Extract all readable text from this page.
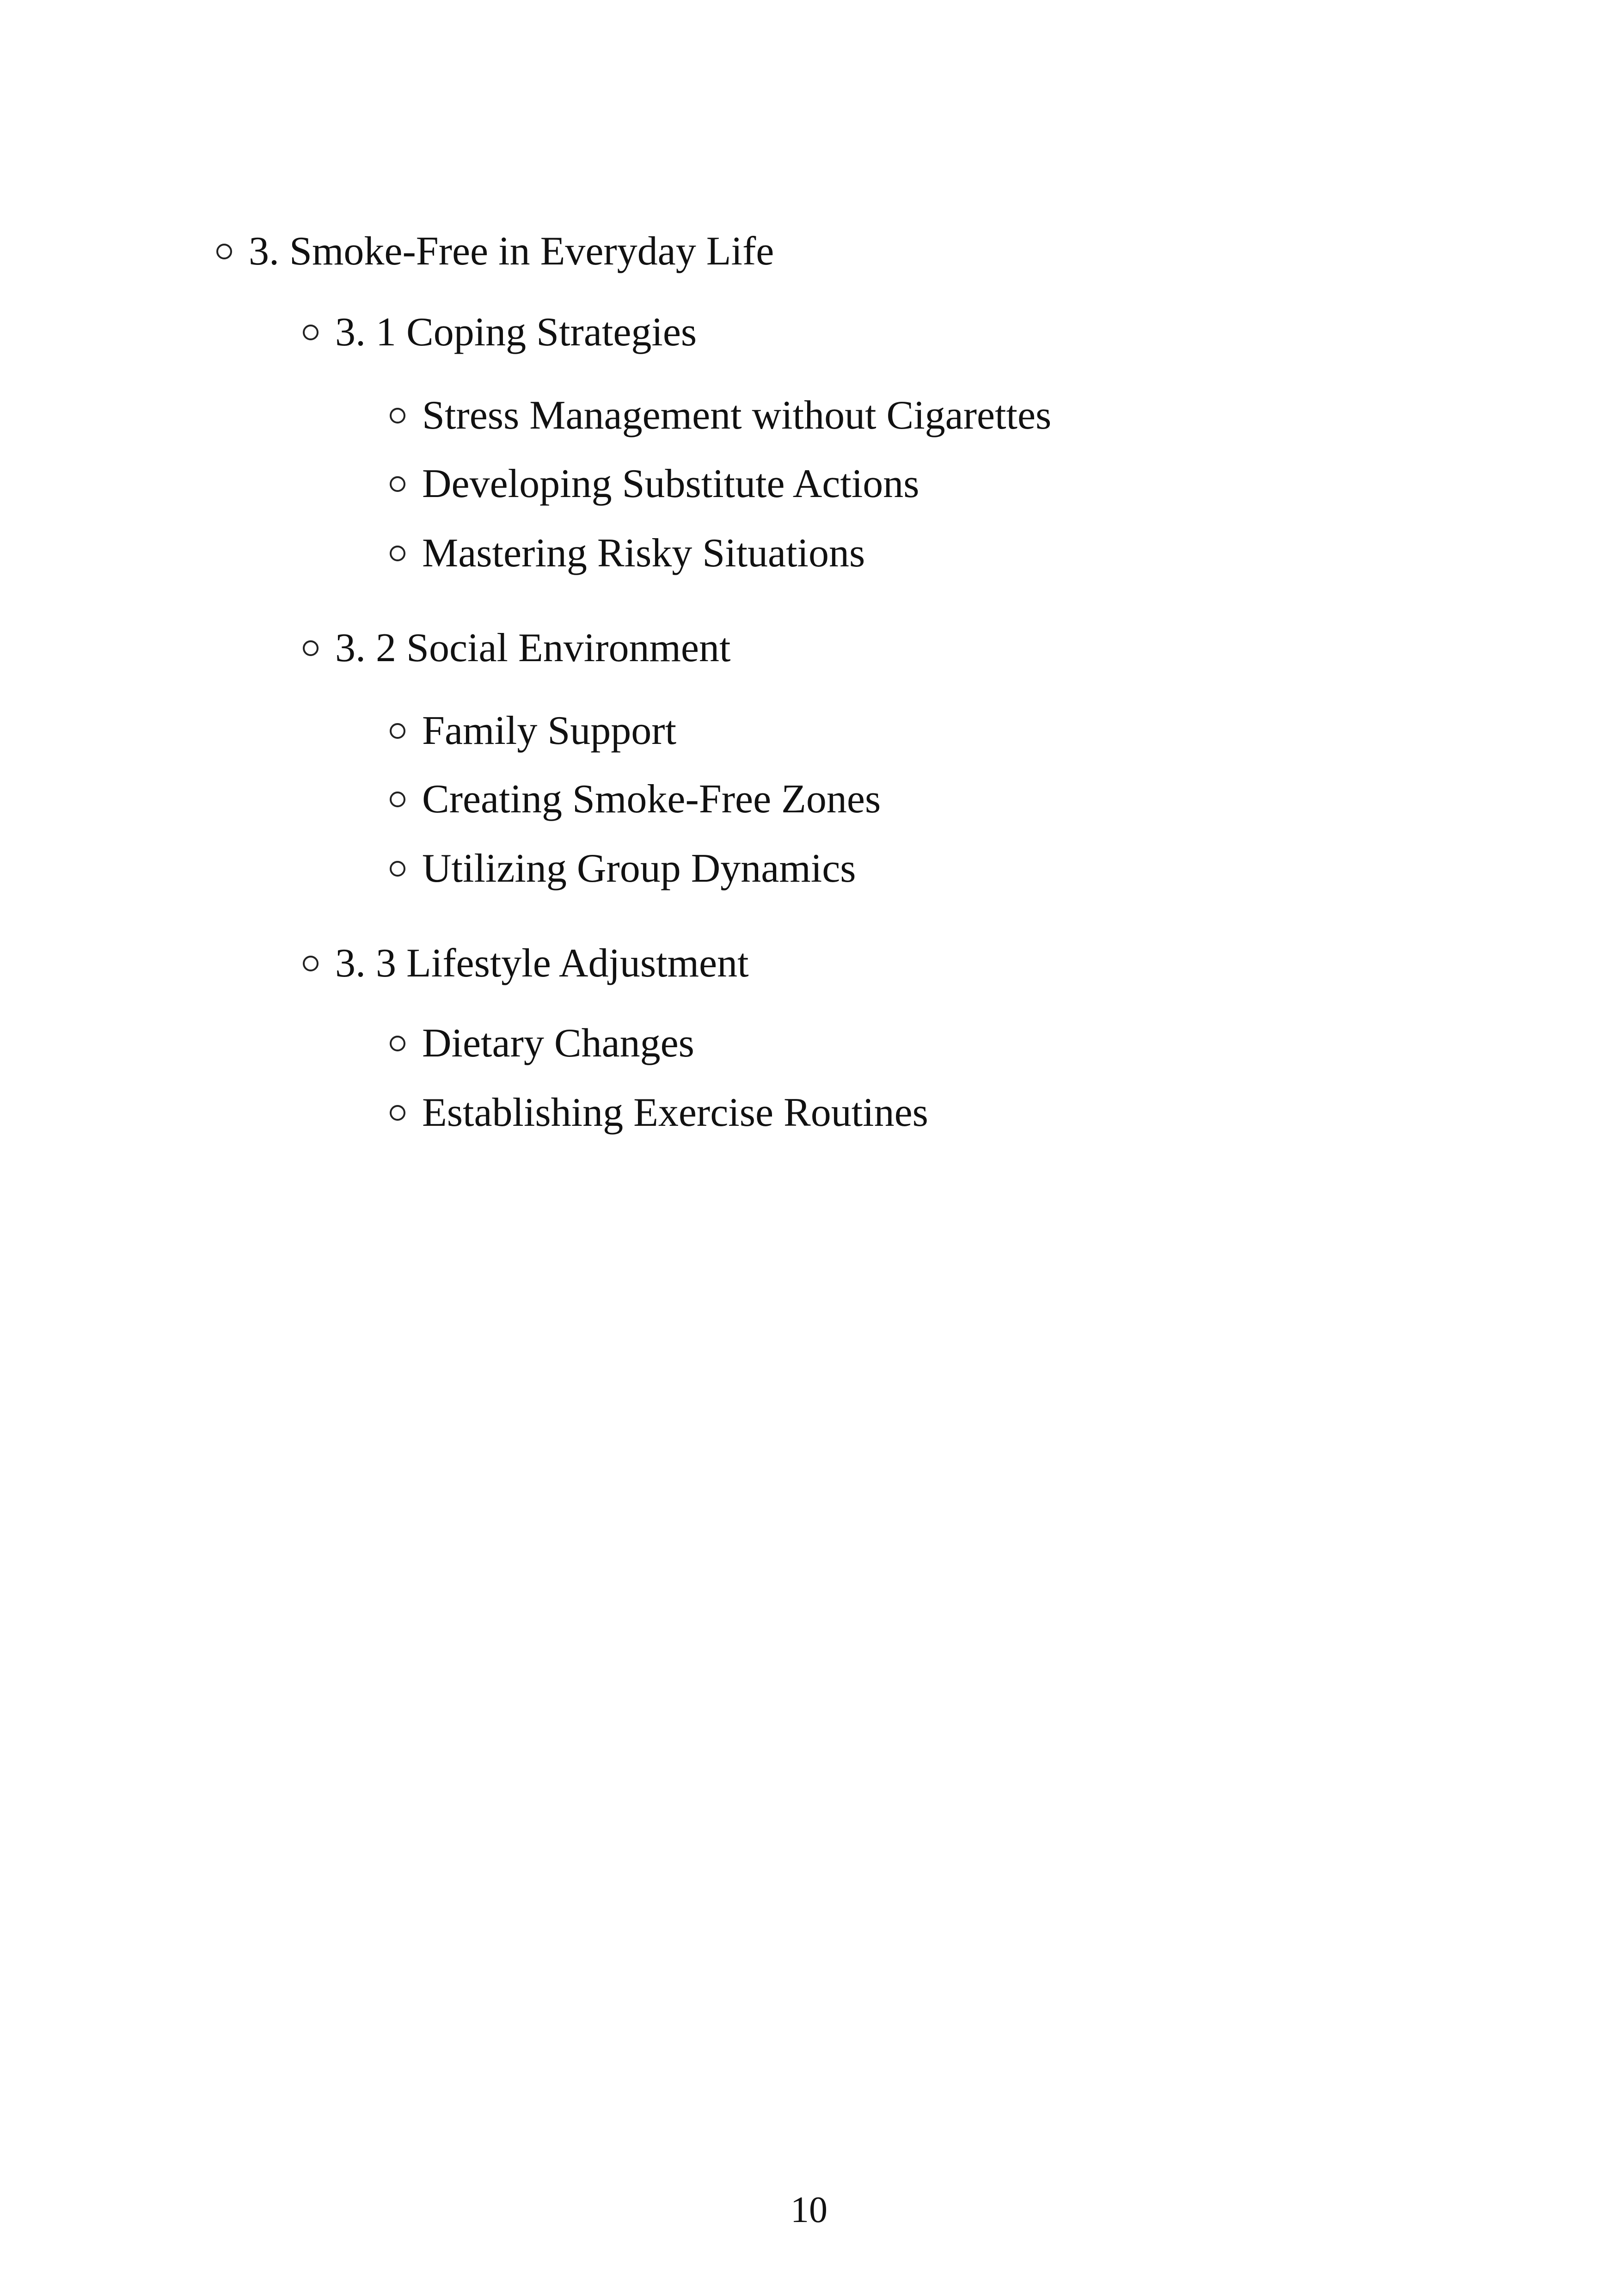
3. Smoke-Free in Everyday Life
3. 1 Coping Strategies
Stress Management without Cigarettes
Developing Substitute Actions
Mastering Risky Situations
3. 2 Social Environment
Family Support
Creating Smoke-Free Zones
Utilizing Group Dynamics
3. 3 Lifestyle Adjustment
Dietary Changes
Establishing Exercise Routines
10
